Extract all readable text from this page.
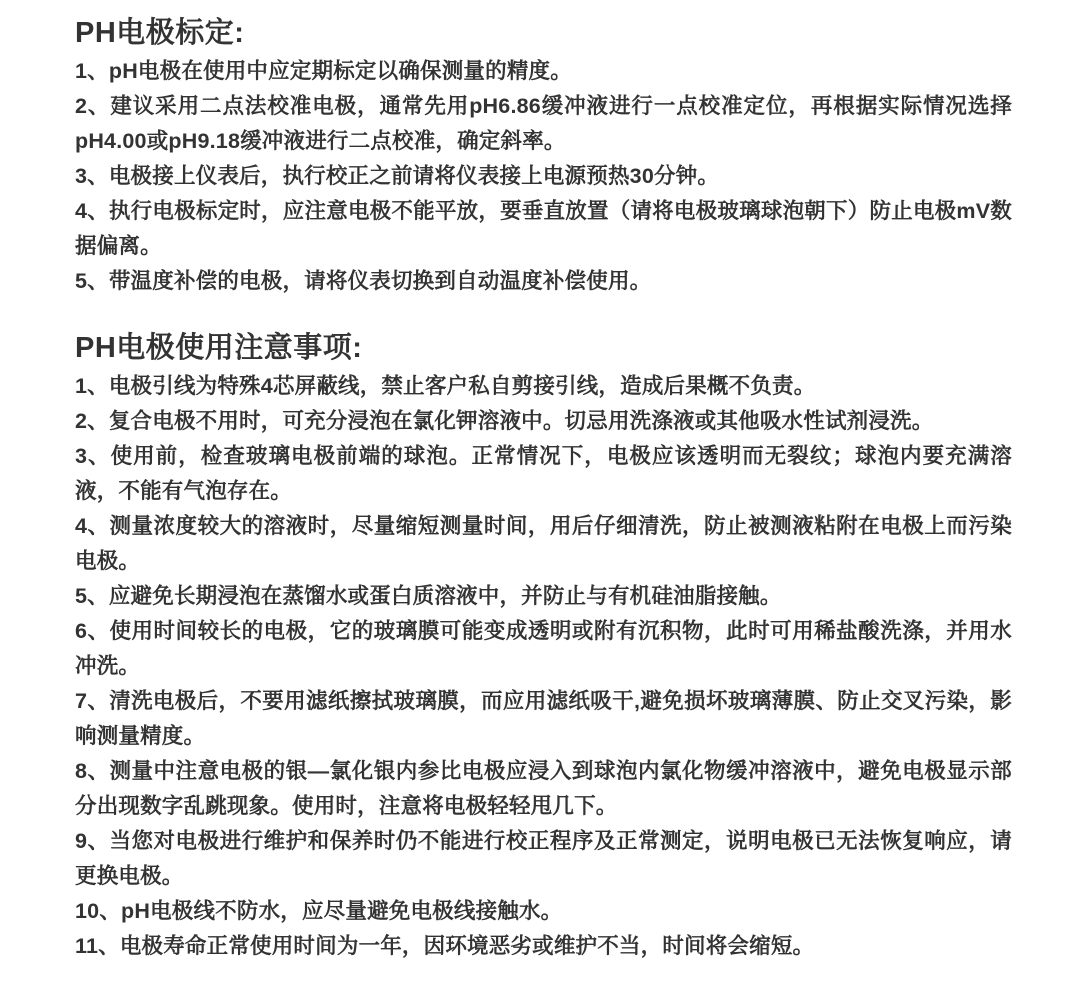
PH电极标定:

1、pH电极在使用中应定期标定以确保测量的精度。

2、建议采用二点法校准电极，通常先用pH6.86缓冲液进行一点校准定位，再根据实际情况选择pH4.00或pH9.18缓冲液进行二点校准，确定斜率。

3、电极接上仪表后，执行校正之前请将仪表接上电源预热30分钟。

4、执行电极标定时，应注意电极不能平放，要垂直放置（请将电极玻璃球泡朝下）防止电极mV数据偏离。

5、带温度补偿的电极，请将仪表切换到自动温度补偿使用。

PH电极使用注意事项:

1、电极引线为特殊4芯屏蔽线，禁止客户私自剪接引线，造成后果概不负责。

2、复合电极不用时，可充分浸泡在氯化钾溶液中。切忌用洗涤液或其他吸水性试剂浸洗。

3、使用前，检查玻璃电极前端的球泡。正常情况下，电极应该透明而无裂纹；球泡内要充满溶液，不能有气泡存在。

4、测量浓度较大的溶液时，尽量缩短测量时间，用后仔细清洗，防止被测液粘附在电极上而污染电极。

5、应避免长期浸泡在蒸馏水或蛋白质溶液中，并防止与有机硅油脂接触。

6、使用时间较长的电极，它的玻璃膜可能变成透明或附有沉积物，此时可用稀盐酸洗涤，并用水冲洗。

7、清洗电极后，不要用滤纸擦拭玻璃膜，而应用滤纸吸干,避免损坏玻璃薄膜、防止交叉污染，影响测量精度。

8、测量中注意电极的银—氯化银内参比电极应浸入到球泡内氯化物缓冲溶液中，避免电极显示部分出现数字乱跳现象。使用时，注意将电极轻轻甩几下。

9、当您对电极进行维护和保养时仍不能进行校正程序及正常测定，说明电极已无法恢复响应，请更换电极。

10、pH电极线不防水，应尽量避免电极线接触水。

11、电极寿命正常使用时间为一年，因环境恶劣或维护不当，时间将会缩短。
